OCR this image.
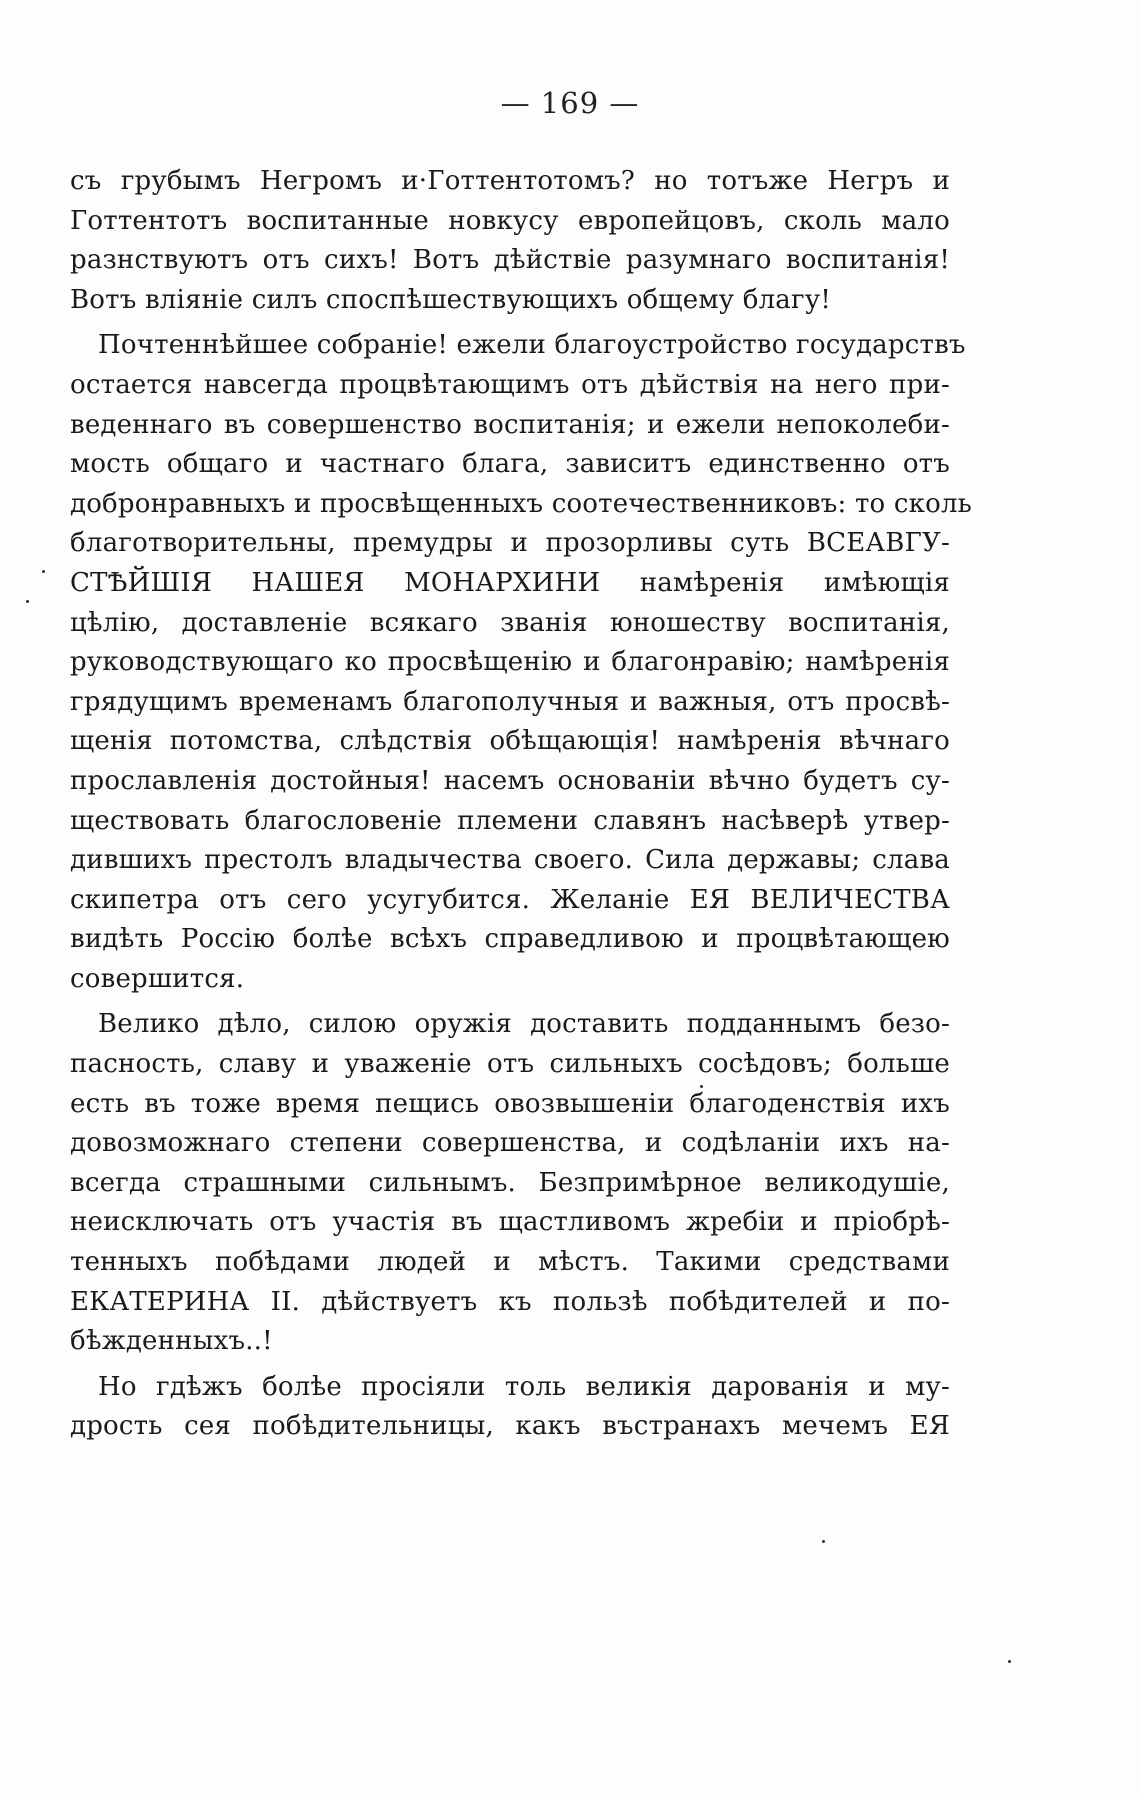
— 169 —
съ грубымъ Негромъ и·Готтентотомъ? но тотъже Негръ и
Готтентотъ воспитанные новкусу европейцовъ, сколь мало
разнствуютъ отъ сихъ! Вотъ дѣйствіе разумнаго воспитанія!
Вотъ вліяніе силъ споспѣшествующихъ общему благу!
Почтеннѣйшее собраніе! ежели благоустройство государствъ
остается навсегда процвѣтающимъ отъ дѣйствія на него при-
веденнаго въ совершенство воспитанія; и ежели непоколеби-
мость общаго и частнаго блага, зависитъ единственно отъ
добронравныхъ и просвѣщенныхъ соотечественниковъ: то сколь
благотворительны, премудры и прозорливы суть ВСЕАВГУ-
СТѢЙШІЯ НАШЕЯ МОНАРХИНИ намѣренія имѣющія
цѣлію, доставленіе всякаго званія юношеству воспитанія,
руководствующаго ко просвѣщенію и благонравію; намѣренія
грядущимъ временамъ благополучныя и важныя, отъ просвѣ-
щенія потомства, слѣдствія обѣщающія! намѣренія вѣчнаго
прославленія достойныя! насемъ основаніи вѣчно будетъ су-
ществовать благословеніе племени славянъ насѣверѣ утвер-
дившихъ престолъ владычества своего. Сила державы; слава
скипетра отъ сего усугубится. Желаніе ЕЯ ВЕЛИЧЕСТВА
видѣть Россію болѣе всѣхъ справедливою и процвѣтающею
совершится.
Велико дѣло, силою оружія доставить подданнымъ безо-
пасность, славу и уваженіе отъ сильныхъ сосѣдовъ; больше
есть въ тоже время пещись овозвышеніи благоденствія ихъ
довозможнаго степени совершенства, и содѣланіи ихъ на-
всегда страшными сильнымъ. Безпримѣрное великодушіе,
неисключать отъ участія въ щастливомъ жребіи и пріобрѣ-
тенныхъ побѣдами людей и мѣстъ. Такими средствами
ЕКАТЕРИНА II. дѣйствуетъ къ пользѣ побѣдителей и по-
бѣжденныхъ..!
Но гдѣжъ болѣе просіяли толь великія дарованія и му-
дрость сея побѣдительницы, какъ въстранахъ мечемъ ЕЯ
